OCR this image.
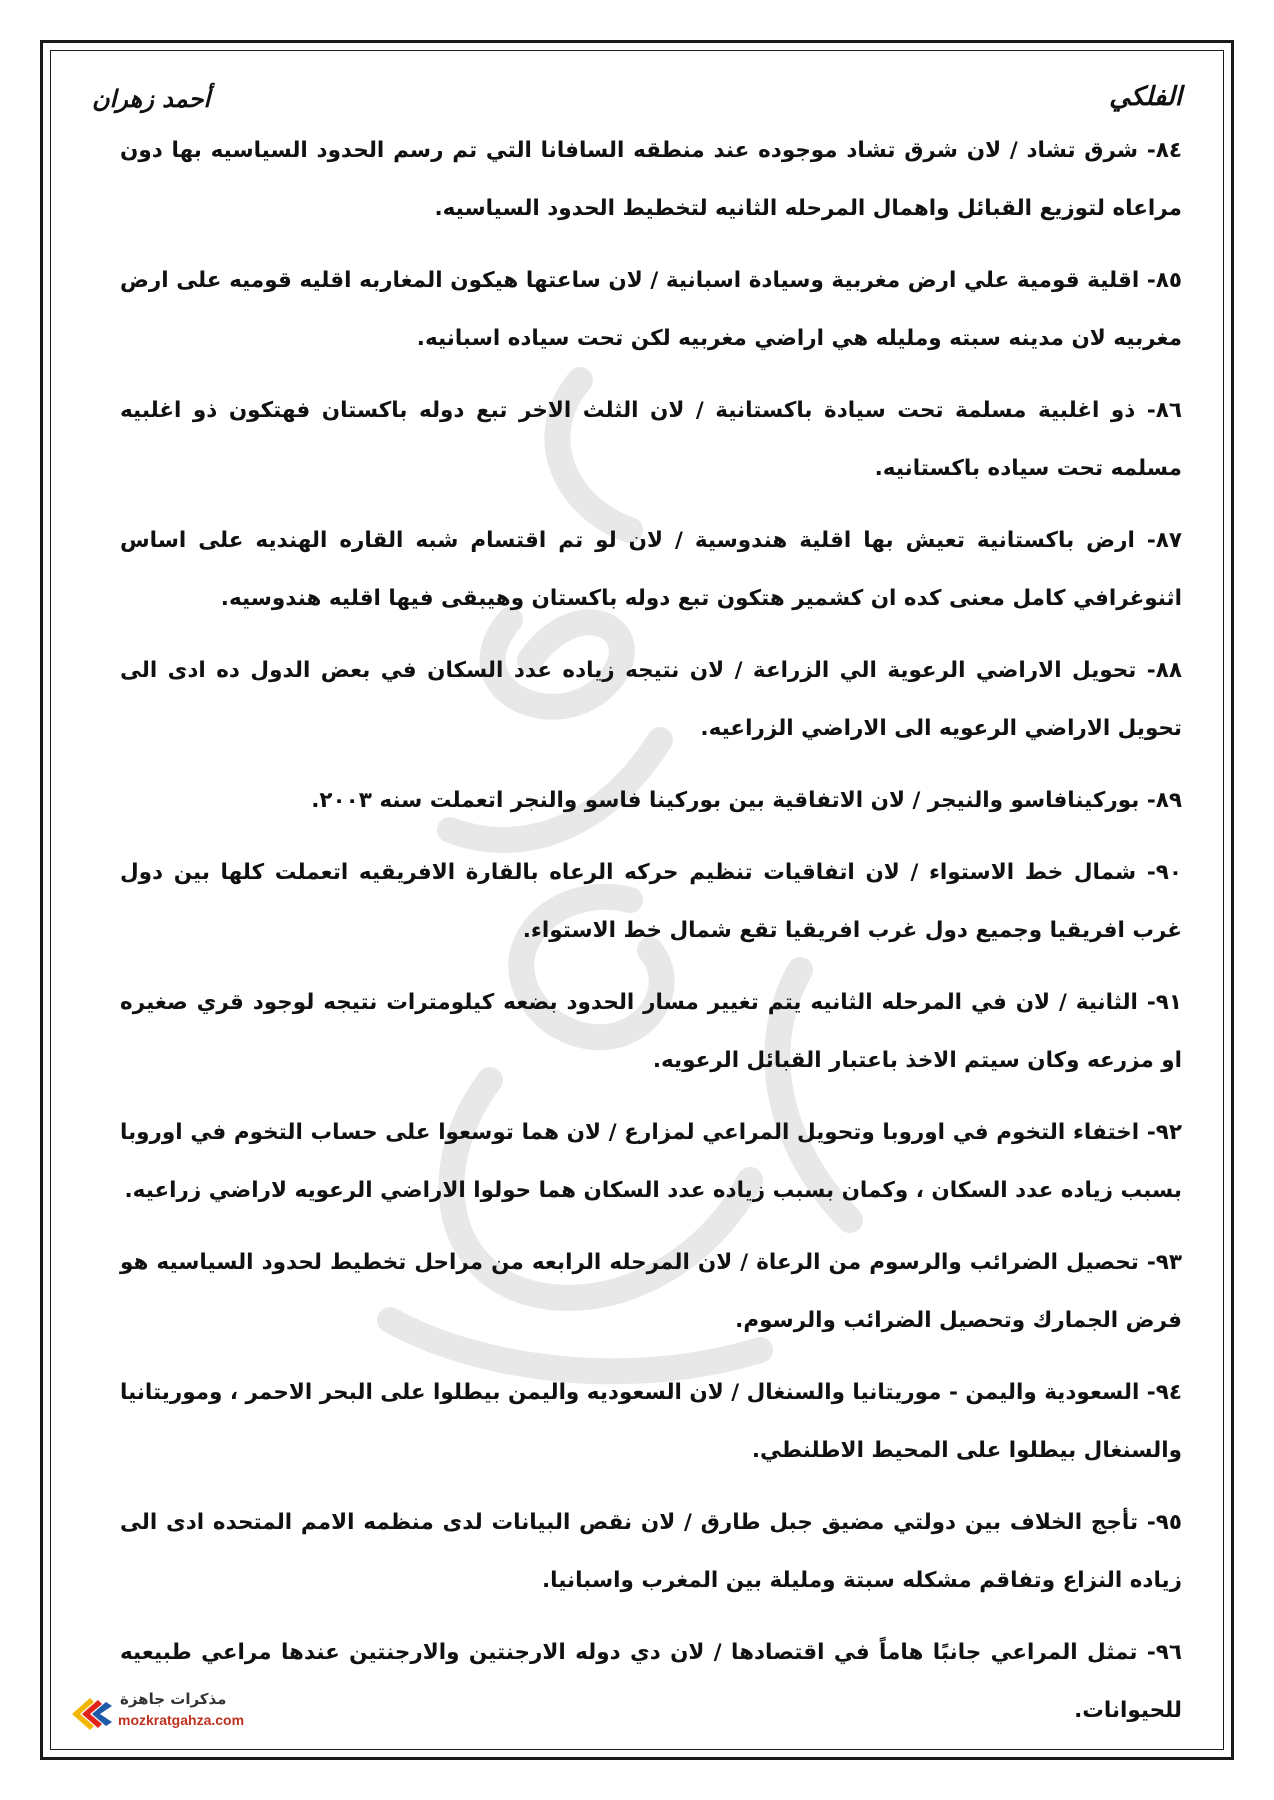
الفلكي
أحمد زهران

٨٤- شرق تشاد / لان شرق تشاد موجوده عند منطقه السافانا التي تم رسم الحدود السياسيه بها دون مراعاه لتوزيع القبائل واهمال المرحله الثانيه لتخطيط الحدود السياسيه.

٨٥- اقلية قومية علي ارض مغربية وسيادة اسبانية / لان ساعتها هيكون المغاربه اقليه قوميه على ارض مغربيه لان مدينه سبته ومليله هي اراضي مغربيه لكن تحت سياده اسبانيه.

٨٦- ذو اغلبية مسلمة تحت سيادة باكستانية / لان الثلث الاخر تبع دوله باكستان فهتكون ذو اغلبيه مسلمه تحت سياده باكستانيه.

٨٧- ارض باكستانية تعيش بها اقلية هندوسية / لان لو تم اقتسام شبه القاره الهنديه على اساس اثنوغرافي كامل معنى كده ان كشمير هتكون تبع دوله باكستان وهيبقى فيها اقليه هندوسيه.

٨٨- تحويل الاراضي الرعوية الي الزراعة / لان نتيجه زياده عدد السكان في بعض الدول ده ادى الى تحويل الاراضي الرعويه الى الاراضي الزراعيه.

٨٩- بوركينافاسو والنيجر / لان الاتفاقية بين بوركينا فاسو والنجر اتعملت سنه ٢٠٠٣.

٩٠- شمال خط الاستواء / لان اتفاقيات تنظيم حركه الرعاه بالقارة الافريقيه اتعملت كلها بين دول غرب افريقيا وجميع دول غرب افريقيا تقع شمال خط الاستواء.

٩١- الثانية / لان في المرحله الثانيه يتم تغيير مسار الحدود بضعه كيلومترات نتيجه لوجود قري صغيره او مزرعه وكان سيتم الاخذ باعتبار القبائل الرعويه.

٩٢- اختفاء التخوم في اوروبا وتحويل المراعي لمزارع / لان هما توسعوا على حساب التخوم في اوروبا بسبب زياده عدد السكان ، وكمان بسبب زياده عدد السكان هما حولوا الاراضي الرعويه لاراضي زراعيه.

٩٣- تحصيل الضرائب والرسوم من الرعاة / لان المرحله الرابعه من مراحل تخطيط لحدود السياسيه هو فرض الجمارك وتحصيل الضرائب والرسوم.

٩٤- السعودية واليمن - موريتانيا والسنغال / لان السعوديه واليمن بيطلوا على البحر الاحمر ، وموريتانيا والسنغال بيطلوا على المحيط الاطلنطي.

٩٥- تأجج الخلاف بين دولتي مضيق جبل طارق / لان نقص البيانات لدى منظمه الامم المتحده ادى الى زياده النزاع وتفاقم مشكله سبتة ومليلة بين المغرب واسبانيا.

٩٦- تمثل المراعي جانبًا هاماً في اقتصادها / لان دي دوله الارجنتين والارجنتين عندها مراعي طبيعيه للحيوانات.

مذكرات جاهزة
mozkratgahza.com
